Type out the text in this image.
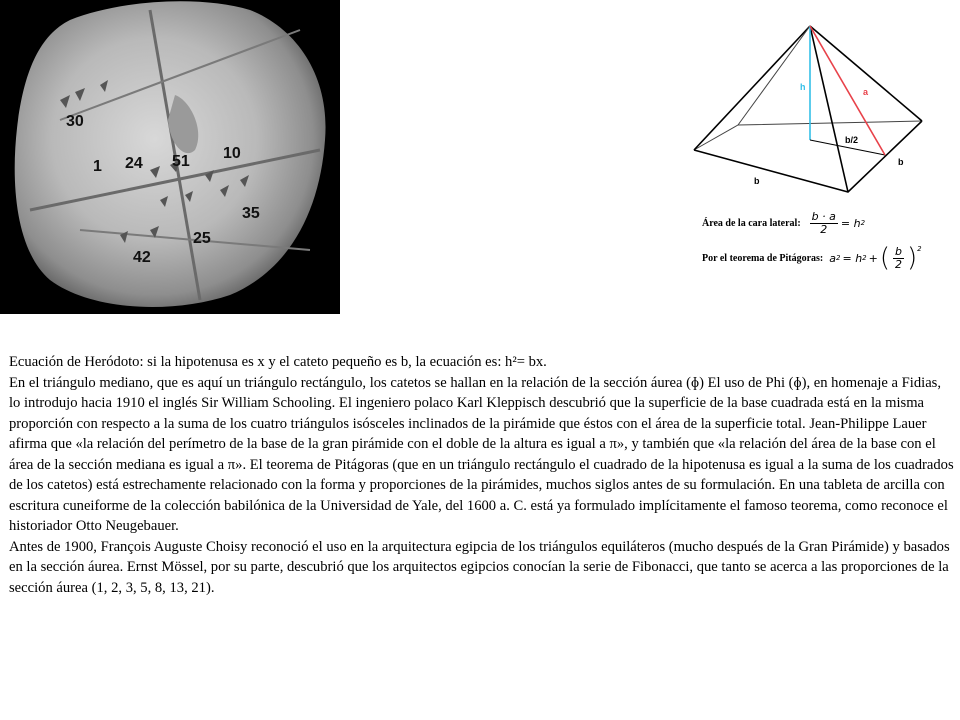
30
1 24 51 10
35
25
42
h	a
b/2
b
b
Área de la cara lateral: $\frac{b \cdot a}{2} = h$ 2
Por el teorema de Pitágoras: a 2 = h 2 + ( $\frac{b}{2} )^2$

Ecuación de Heródoto: si la hipotenusa es x y el cateto pequeño es b, la ecuación es: h²= bx.

En el triángulo mediano, que es aquí un triángulo rectángulo, los catetos se hallan en la relación de la sección áurea (ɸ) El uso de Phi (ɸ), en homenaje a Fidias, lo introdujo hacia 1910 el inglés Sir William Schooling. El ingeniero polaco Karl Kleppisch descubrió que la superficie de la base cuadrada está en la misma proporción con respecto a la suma de los cuatro triángulos isósceles inclinados de la pirámide que éstos con el área de la superficie total. Jean-Philippe Lauer afirma que «la relación del perímetro de la base de la gran pirámide con el doble de la altura es igual a π», y también que «la relación del área de la base con el área de la sección mediana es igual a π». El teorema de Pitágoras (que en un triángulo rectángulo el cuadrado de la hipotenusa es igual a la suma de los cuadrados de los catetos) está estrechamente relacionado con la forma y proporciones de la pirámides, muchos siglos antes de su formulación. En una tableta de arcilla con escritura cuneiforme de la colección babilónica de la Universidad de Yale, del 1600 a. C. está ya formulado implícitamente el famoso teorema, como reconoce el historiador Otto Neugebauer.

Antes de 1900, François Auguste Choisy reconoció el uso en la arquitectura egipcia de los triángulos equiláteros (mucho después de la Gran Pirámide) y basados en la sección áurea. Ernst Mössel, por su parte, descubrió que los arquitectos egipcios conocían la serie de Fibonacci, que tanto se acerca a las proporciones de la sección áurea (1, 2, 3, 5, 8, 13, 21).
